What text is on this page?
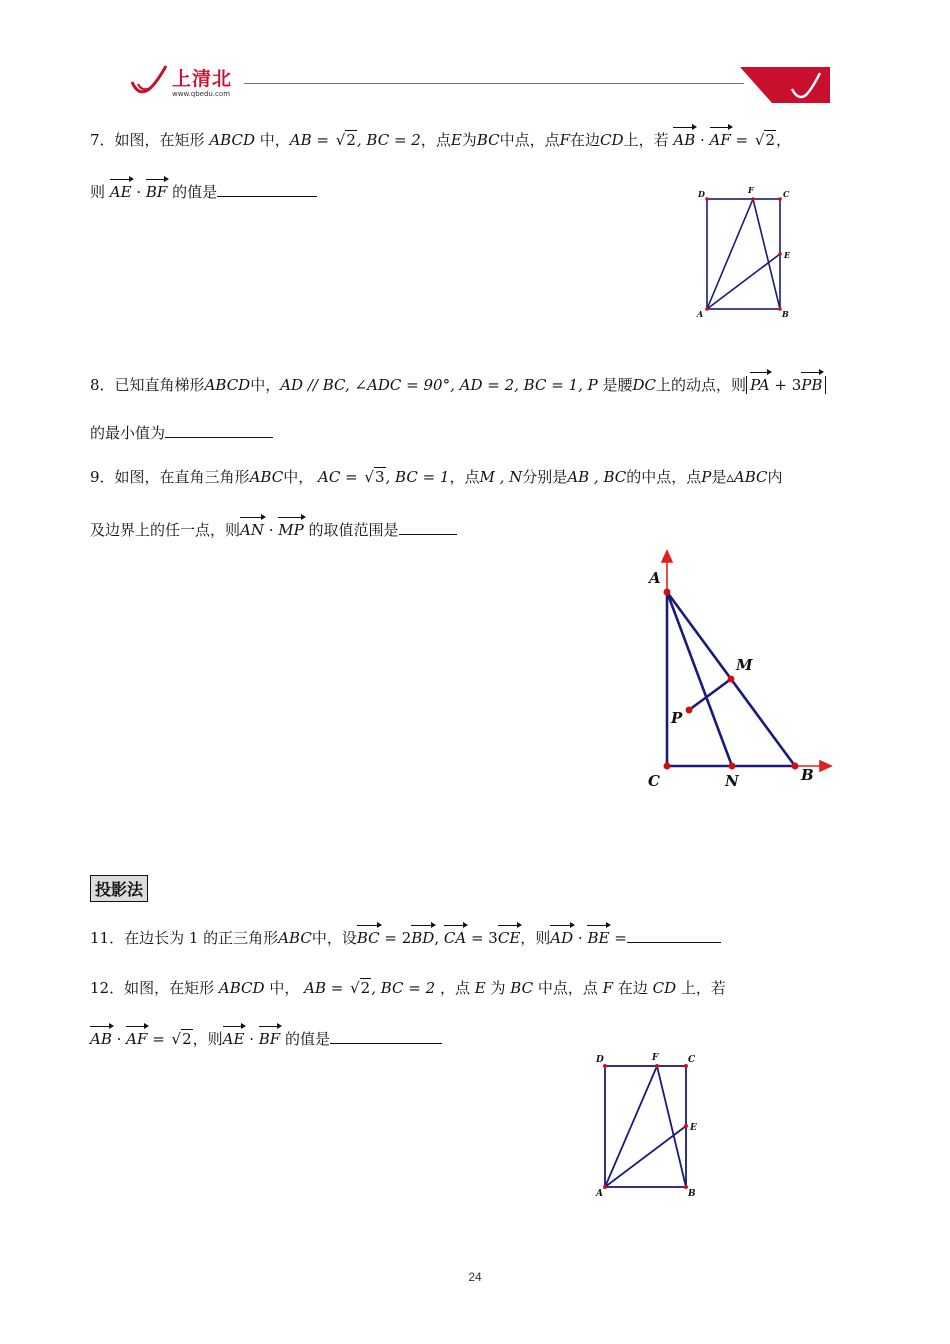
上清北
www.qbedu.com
7．如图，在矩形 ABCD 中，AB = √2, BC = 2，点E为BC中点，点F在边CD上，若 AB · AF = √2，
则 AE · BF 的值是	D	F	C
E
A	B
8．已知直角梯形ABCD中，AD // BC, ∠ADC = 90°, AD = 2, BC = 1, P 是腰DC上的动点，则 PA + 3PB
的最小值为
9．如图，在直角三角形ABC中， AC = √3, BC = 1，点M , N分别是AB , BC的中点，点P是▵ABC内
及边界上的任一点，则AN · MP 的取值范围是
A
M
P
C	N	B
投影法
11．在边长为 1 的正三角形ABC中，设BC = 2BD, CA = 3CE，则AD · BE =
12．如图，在矩形 ABCD 中， AB = √2, BC = 2 ，点 E 为 BC 中点，点 F 在边 CD 上，若
AB · AF = √2，则AE · BF 的值是
D	F	C
E
A	B
24
